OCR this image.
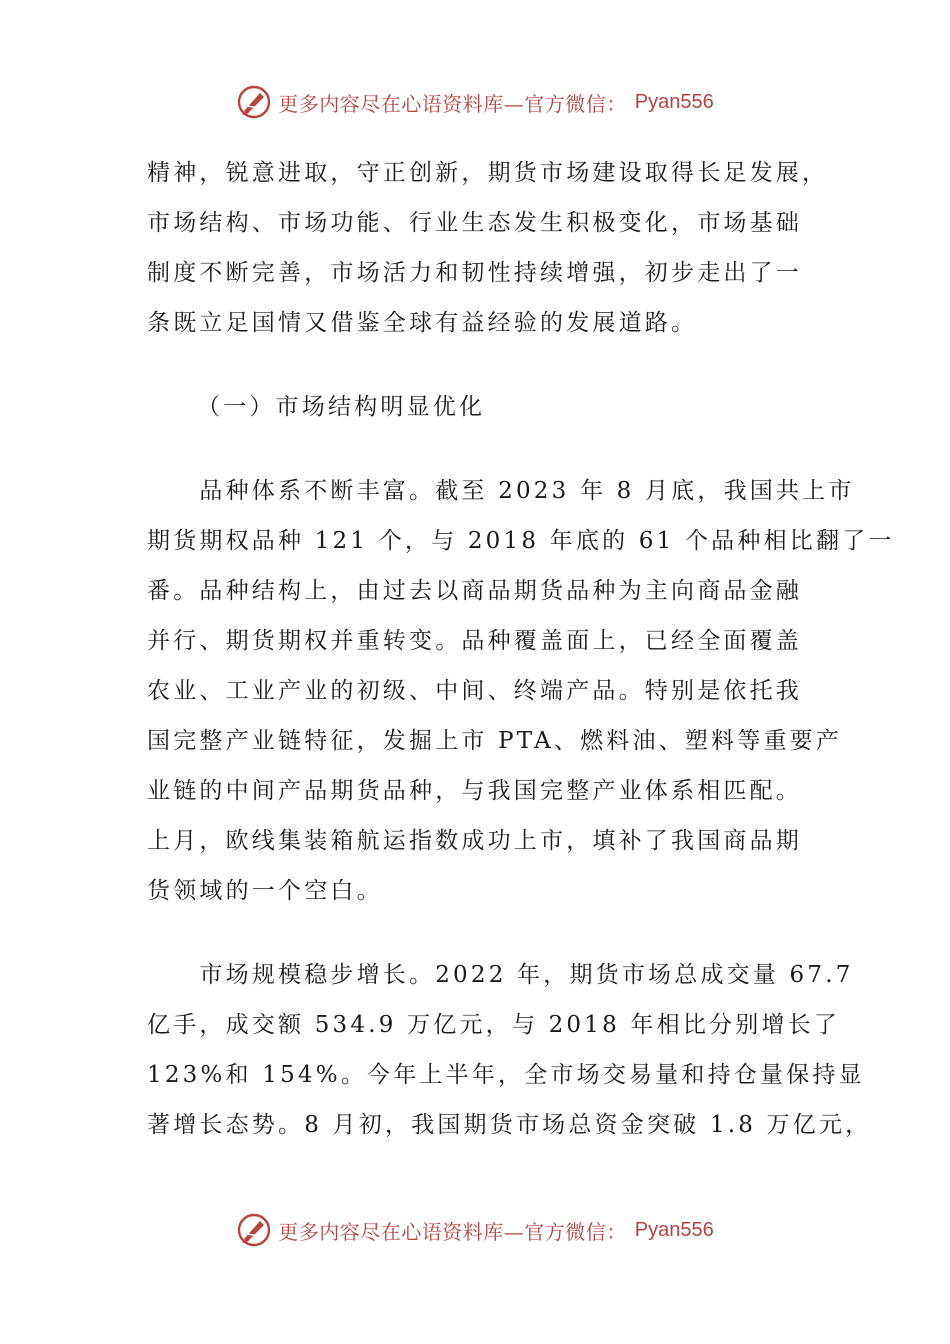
更多内容尽在心语资料库—官方微信： Pyan556

精神，锐意进取，守正创新，期货市场建设取得长足发展，
市场结构、市场功能、行业生态发生积极变化，市场基础
制度不断完善，市场活力和韧性持续增强，初步走出了一
条既立足国情又借鉴全球有益经验的发展道路。

（一）市场结构明显优化

　　品种体系不断丰富。截至 2023 年 8 月底，我国共上市
期货期权品种 121 个，与 2018 年底的 61 个品种相比翻了一
番。品种结构上，由过去以商品期货品种为主向商品金融
并行、期货期权并重转变。品种覆盖面上，已经全面覆盖
农业、工业产业的初级、中间、终端产品。特别是依托我
国完整产业链特征，发掘上市 PTA、燃料油、塑料等重要产
业链的中间产品期货品种，与我国完整产业体系相匹配。
上月，欧线集装箱航运指数成功上市，填补了我国商品期
货领域的一个空白。

　　市场规模稳步增长。2022 年，期货市场总成交量 67.7
亿手，成交额 534.9 万亿元，与 2018 年相比分别增长了
123%和 154%。今年上半年，全市场交易量和持仓量保持显
著增长态势。8 月初，我国期货市场总资金突破 1.8 万亿元，

更多内容尽在心语资料库—官方微信： Pyan556
